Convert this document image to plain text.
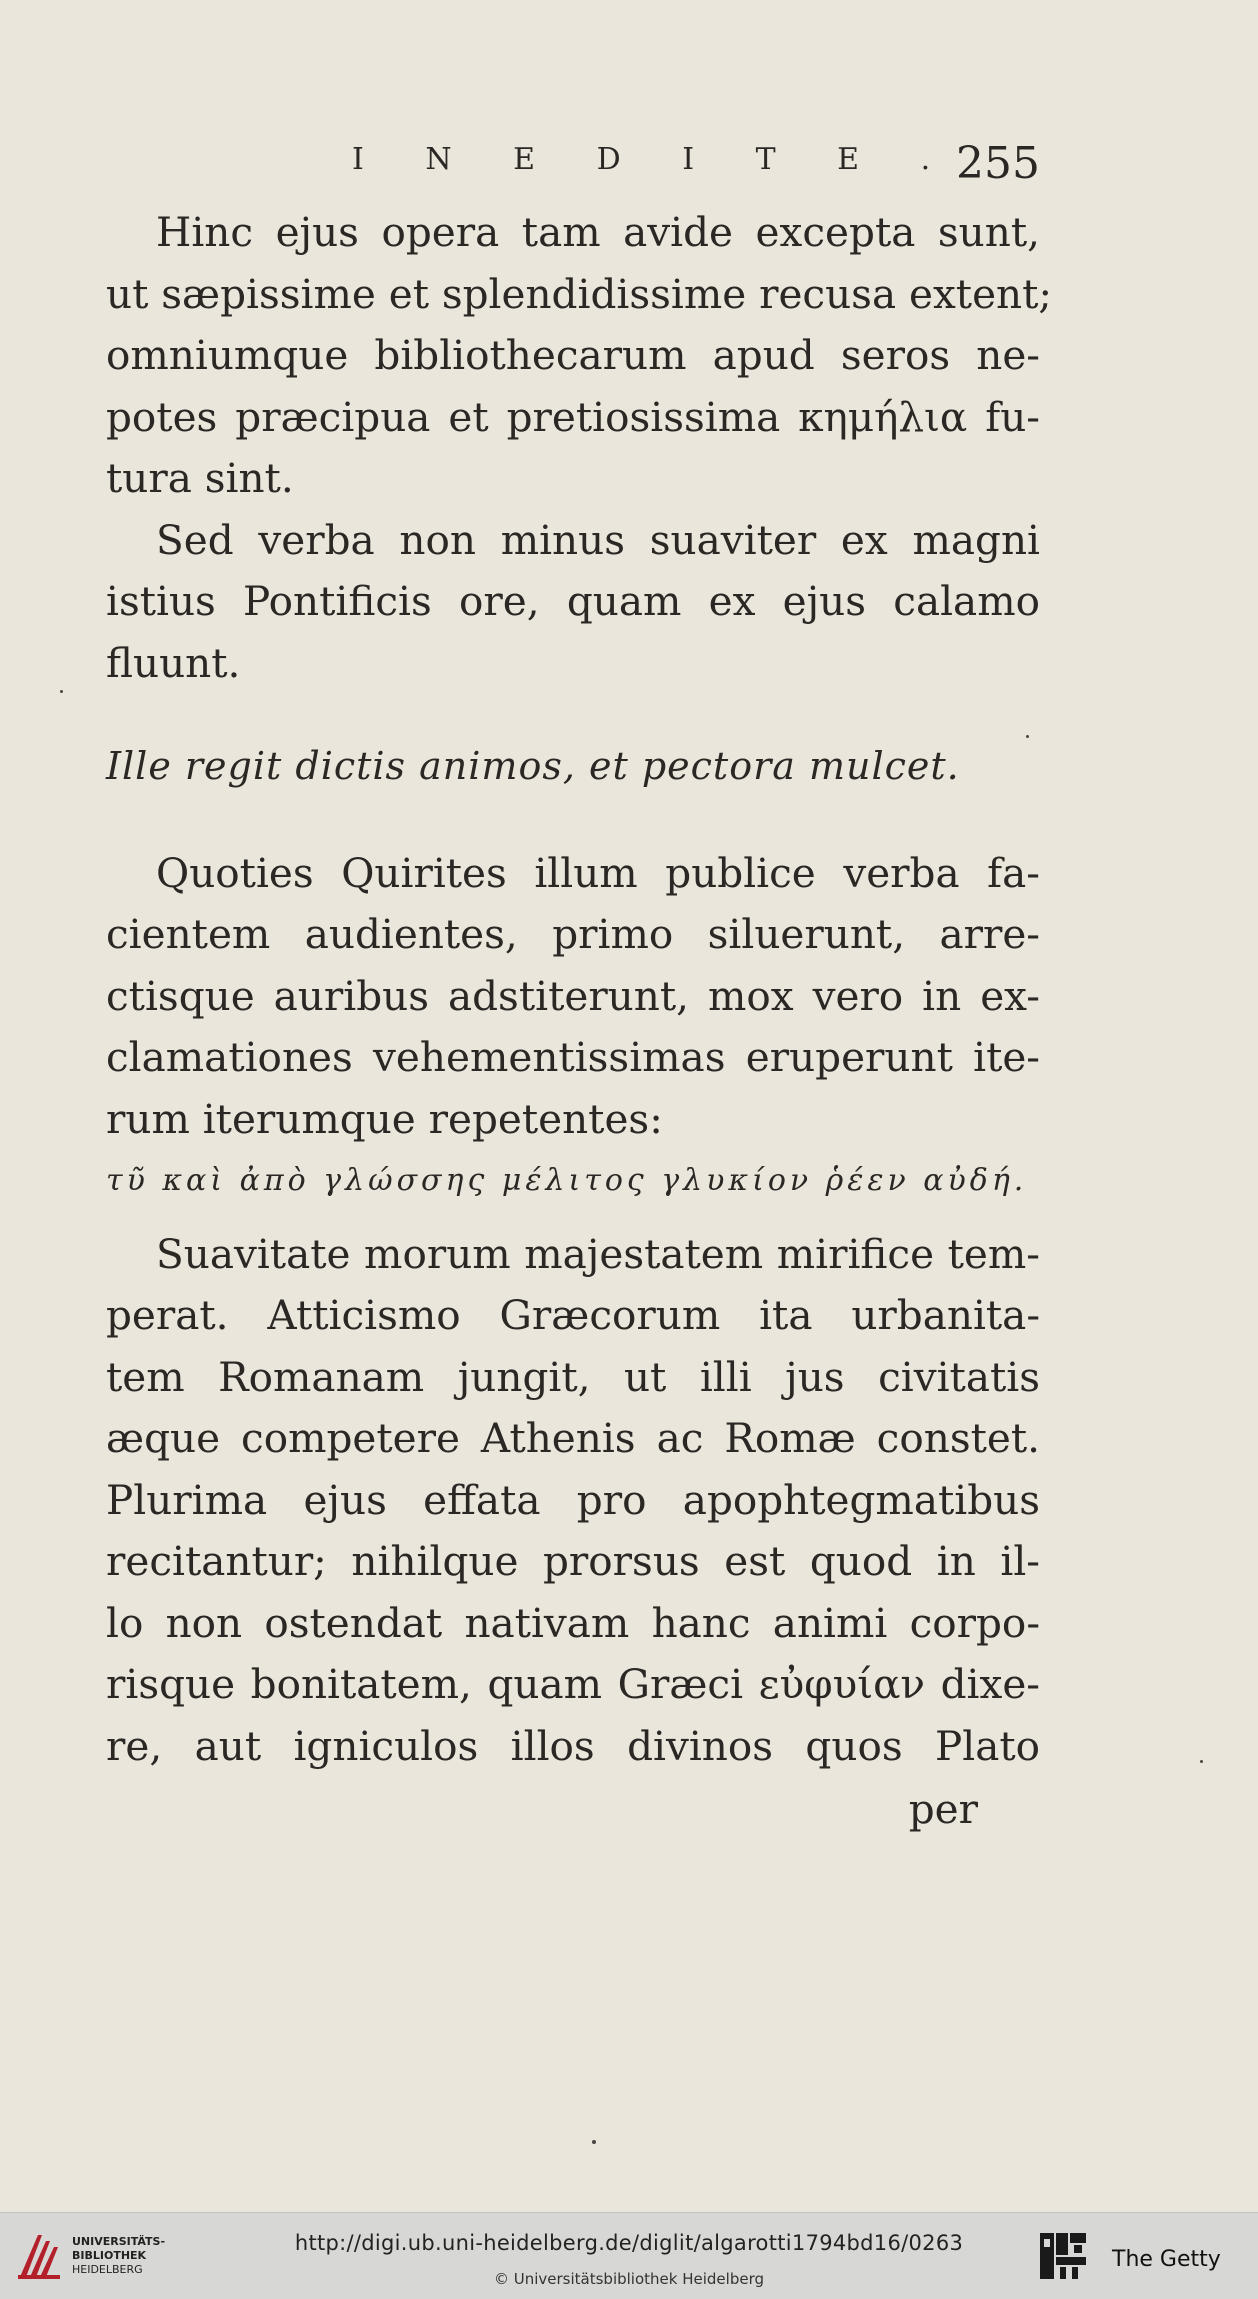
I N E D I T E . 255
Hinc ejus opera tam avide excepta sunt,
ut sæpissime et splendidissime recusa extent;
omniumque bibliothecarum apud seros ne-
potes præcipua et pretiosissima κημήλια fu-
tura sint.
Sed verba non minus suaviter ex magni
istius Pontificis ore, quam ex ejus calamo
fluunt.
Ille regit dictis animos, et pectora mulcet.
Quoties Quirites illum publice verba fa-
cientem audientes, primo siluerunt, arre-
ctisque auribus adstiterunt, mox vero in ex-
clamationes vehementissimas eruperunt ite-
rum iterumque repetentes:
τῦ καὶ ἀπὸ γλώσσης μέλιτος γλυκίον ῥέεν αὐδή.
Suavitate morum majestatem mirifice tem-
perat. Atticismo Græcorum ita urbanita-
tem Romanam jungit, ut illi jus civitatis
æque competere Athenis ac Romæ constet.
Plurima ejus effata pro apophtegmatibus
recitantur; nihilque prorsus est quod in il-
lo non ostendat nativam hanc animi corpo-
risque bonitatem, quam Græci εὐφυίαν dixe-
re, aut igniculos illos divinos quos Plato
per
UNIVERSITÄTS-
BIBLIOTHEK
HEIDELBERG
http://digi.ub.uni-heidelberg.de/diglit/algarotti1794bd16/0263
© Universitätsbibliothek Heidelberg
The Getty
